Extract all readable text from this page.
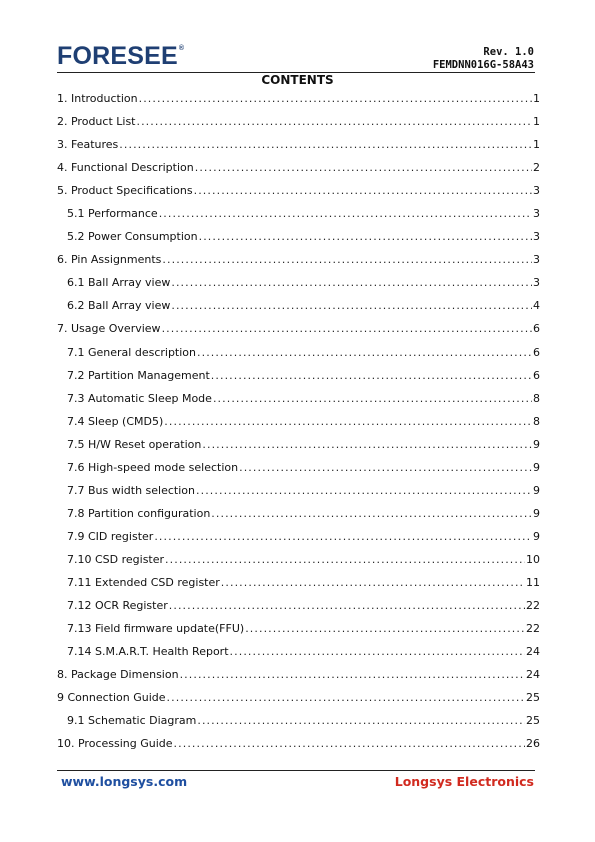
FORESEE®	Rev. 1.0
FEMDNN016G-58A43
CONTENTS
1. Introduction .....	1
2. Product List .....	1
3. Features .....	1
4. Functional Description .....	2
5. Product Specifications .....	3
5.1 Performance .....	3
5.2 Power Consumption .....	3
6. Pin Assignments .....	3
6.1 Ball Array view .....	3
6.2 Ball Array view .....	4
7. Usage Overview .....	6
7.1 General description .....	6
7.2 Partition Management .....	6
7.3 Automatic Sleep Mode .....	8
7.4 Sleep (CMD5) .....	8
7.5 H/W Reset operation .....	9
7.6 High-speed mode selection .....	9
7.7 Bus width selection .....	9
7.8 Partition configuration .....	9
7.9 CID register .....	9
7.10 CSD register .....	10
7.11 Extended CSD register .....	11
7.12 OCR Register .....	22
7.13 Field firmware update(FFU) .....	22
7.14 S.M.A.R.T. Health Report .....	24
8. Package Dimension .....	24
9 Connection Guide .....	25
9.1 Schematic Diagram .....	25
10. Processing Guide .....	26
www.longsys.com	Longsys Electronics
